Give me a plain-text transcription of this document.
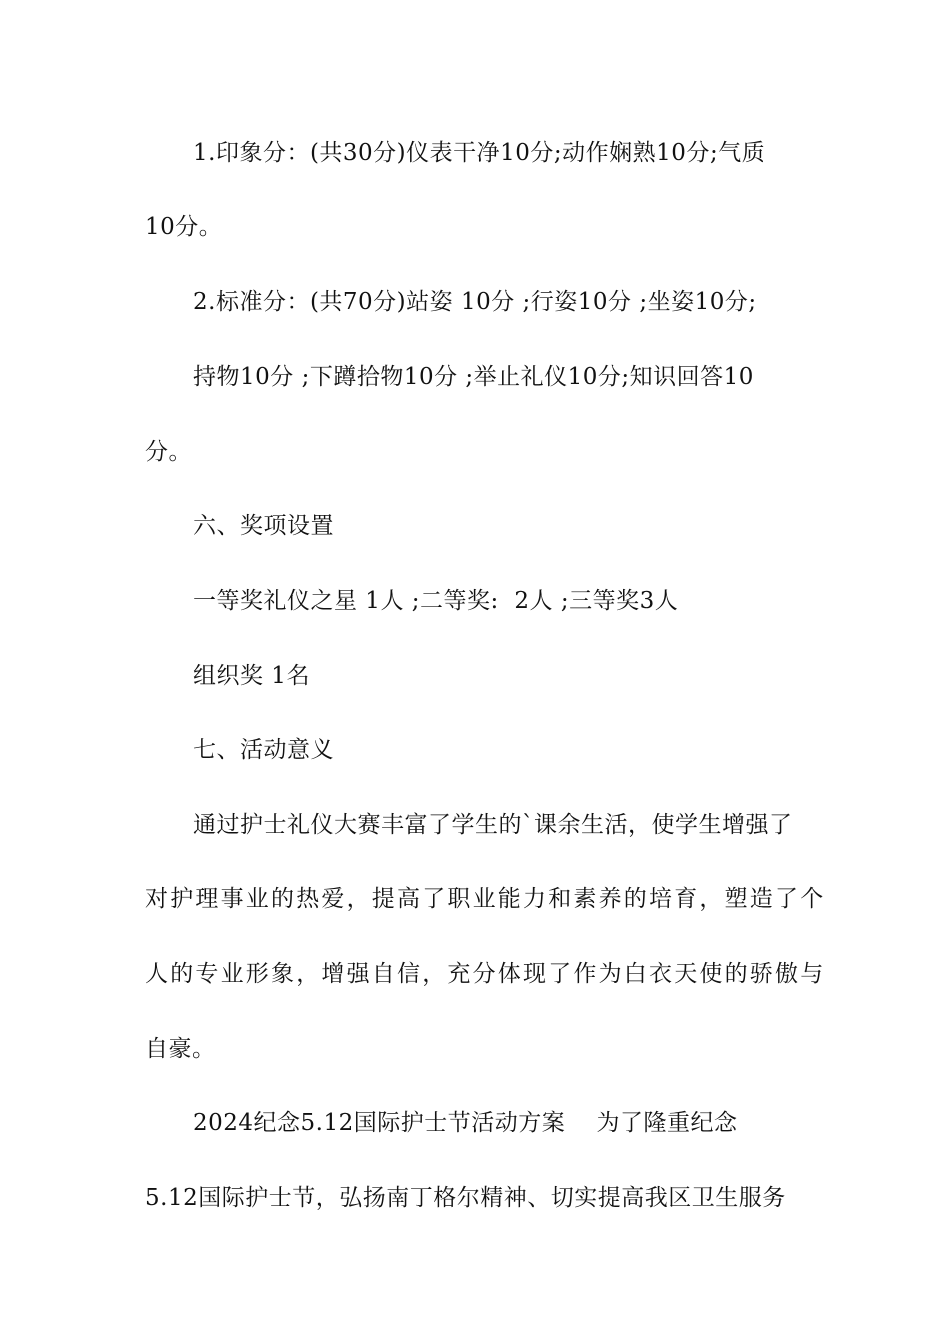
1.印象分：(共30分)仪表干净10分;动作娴熟10分;气质
10分。
2.标准分：(共70分)站姿 10分 ;行姿10分 ;坐姿10分;
持物10分 ;下蹲拾物10分 ;举止礼仪10分;知识回答10
分。
六、奖项设置
一等奖礼仪之星 1人 ;二等奖:  2人 ;三等奖3人
组织奖 1名
七、活动意义
通过护士礼仪大赛丰富了学生的`课余生活，使学生增强了
对护理事业的热爱，提高了职业能力和素养的培育，塑造了个
人的专业形象，增强自信，充分体现了作为白衣天使的骄傲与
自豪。
2024纪念5.12国际护士节活动方案    为了隆重纪念
5.12国际护士节，弘扬南丁格尔精神、切实提高我区卫生服务
